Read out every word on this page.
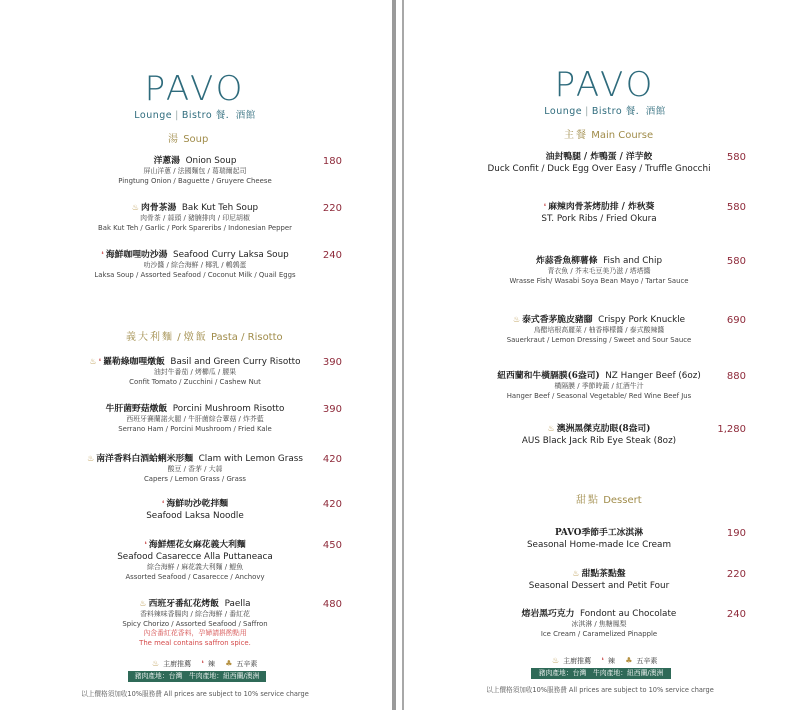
PAVO
Lounge | Bistro 餐．酒館
湯 Soup
洋蔥湯 Onion Soup
屏山洋蔥 / 法國麵包 / 葛瑞爾起司
Pingtung Onion / Baguette / Gruyere Cheese
180
♨ 肉骨茶湯 Bak Kut Teh Soup
肉骨茶 / 蒜頭 / 豬腩排肉 / 印尼胡椒
Bak Kut Teh / Garlic / Pork Spareribs / Indonesian Pepper
220
❛ 海鮮咖哩叻沙湯 Seafood Curry Laksa Soup
叻沙醬 / 綜合海鮮 / 椰乳 / 鵪鶉蛋
Laksa Soup / Assorted Seafood / Coconut Milk / Quail Eggs
240
義大利麵 / 燉飯 Pasta / Risotto
♨ ❛ 羅勒綠咖哩燉飯 Basil and Green Curry Risotto
油封牛番茄 / 烤櫛瓜 / 腰果
Confit Tomato / Zucchini / Cashew Nut
390
牛肝菌野菇燉飯 Porcini Mushroom Risotto
西班牙賽蘭諾火腿 / 牛肝菌綜合蕈菇 / 炸芥藍
Serrano Ham / Porcini Mushroom / Fried Kale
390
♨ 南洋香料白酒蛤蜊米形麵 Clam with Lemon Grass
酸豆 / 香茅 / 大蒜
Capers / Lemon Grass / Grass
420
❛ 海鮮叻沙乾拌麵
Seafood Laksa Noodle
420
❛ 海鮮煙花女麻花義大利麵
Seafood Casarecce Alla Puttaneaca
綜合海鮮 / 麻花義大利麵 / 鯷魚
Assorted Seafood / Casarecce / Anchovy
450
♨ 西班牙番紅花烤飯 Paella
香料辣味香腸肉 / 綜合海鮮 / 番紅花
Spicy Chorizo / Assorted Seafood / Saffron
內含番紅花香料，孕婦請斟酌點用
The meal contains saffron spice.
480
♨ 主廚推薦 ❛ 辣 ♣ 五辛素
豬肉產地：台灣　牛肉產地：紐西蘭/澳洲
以上價格須加收10%服務費 All prices are subject to 10% service charge
PAVO
Lounge | Bistro 餐．酒館
主餐 Main Course
油封鴨腿 / 炸鴨蛋 / 洋芋餃
Duck Confit / Duck Egg Over Easy / Truffle Gnocchi
580
❛ 麻辣肉骨茶烤肋排 / 炸秋葵
ST. Pork Ribs / Fried Okura
580
炸蒜香魚柳薯條 Fish and Chip
青衣魚 / 芥末毛豆美乃滋 / 塔塔醬
Wrasse Fish/ Wasabi Soya Bean Mayo / Tartar Sauce
580
♨ 泰式香茅脆皮豬腳 Crispy Pork Knuckle
烏醋培根高麗菜 / 柚香檸檬醬 / 泰式酸辣醬
Sauerkraut / Lemon Dressing / Sweet and Sour Sauce
690
紐西蘭和牛橫膈膜(6盎司) NZ Hanger Beef (6oz)
橫隔膜 / 季節時蔬 / 紅酒牛汁
Hanger Beef / Seasonal Vegetable/ Red Wine Beef Jus
880
♨ 澳洲黑傑克肋眼(8盎司)
AUS Black Jack Rib Eye Steak (8oz)
1,280
甜點 Dessert
PAVO季節手工冰淇淋
Seasonal Home-made Ice Cream
190
♨ 甜點茶點盤
Seasonal Dessert and Petit Four
220
熔岩黑巧克力 Fondont au Chocolate
冰淇淋 / 焦糖鳳梨
Ice Cream / Caramelized Pinapple
240
♨ 主廚推薦 ❛ 辣 ♣ 五辛素
豬肉產地：台灣　牛肉產地：紐西蘭/澳洲
以上價格須加收10%服務費 All prices are subject to 10% service charge
